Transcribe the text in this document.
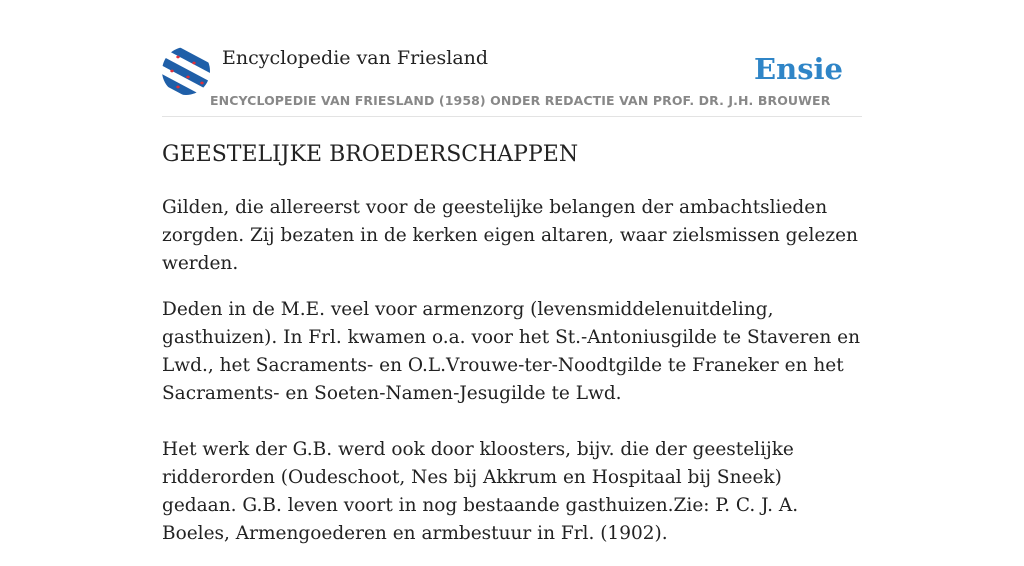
Encyclopedie van Friesland	Ensie
ENCYCLOPEDIE VAN FRIESLAND (1958) ONDER REDACTIE VAN PROF. DR. J.H. BROUWER
GEESTELIJKE BROEDERSCHAPPEN

Gilden, die allereerst voor de geestelijke belangen der ambachtslieden zorgden. Zij bezaten in de kerken eigen altaren, waar zielsmissen gelezen werden.

Deden in de M.E. veel voor armenzorg (levensmiddelenuitdeling, gasthuizen). In Frl. kwamen o.a. voor het St.-Antoniusgilde te Staveren en Lwd., het Sacraments- en O.L.Vrouwe-ter-Noodtgilde te Franeker en het Sacraments- en Soeten-Namen-Jesugilde te Lwd.

Het werk der G.B. werd ook door kloosters, bijv. die der geestelijke ridderorden (Oudeschoot, Nes bij Akkrum en Hospitaal bij Sneek) gedaan. G.B. leven voort in nog bestaande gasthuizen.Zie: P. C. J. A. Boeles, Armengoederen en armbestuur in Frl. (1902).
